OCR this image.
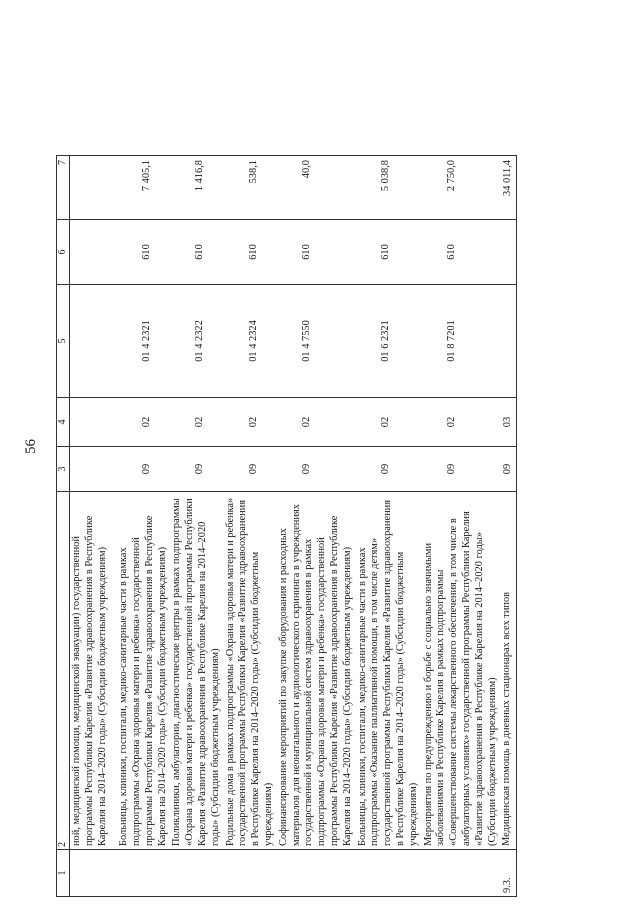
56
1	2	3	4	5	6	7
	ной, медицинской помощи, медицинской эвакуации) государственной программы Республики Карелия «Развитие здравоохранения в Республике Карелия на 2014–2020 годы» (Субсидии бюджетным учреждениям)					
	Больницы, клиники, госпитали, медико-санитарные части в рамках подпрограммы «Охрана здоровья матери и ребенка» государственной программы Республики Карелия «Развитие здравоохранения в Республике Карелия на 2014–2020 годы» (Субсидии бюджетным учреждениям)	09	02	01 4 2321	610	7 405,1
	Поликлиники, амбулатории, диагностические центры в рамках подпрограммы «Охрана здоровья матери и ребенка» государственной программы Республики Карелия «Развитие здравоохранения в Республике Карелия на 2014–2020 годы» (Субсидии бюджетным учреждениям)	09	02	01 4 2322	610	1 416,8
	Родильные дома в рамках подпрограммы «Охрана здоровья матери и ребенка» государственной программы Республики Карелия «Развитие здравоохранения в Республике Карелия на 2014–2020 годы» (Субсидии бюджетным учреждениям)	09	02	01 4 2324	610	538,1
	Софинансирование мероприятий по закупке оборудования и расходных материалов для неонатального и аудиологического скрининга в учреждениях государственной и муниципальной систем здравоохранения в рамках подпрограммы «Охрана здоровья матери и ребенка» государственной программы Республики Карелия «Развитие здравоохранения в Республике Карелия на 2014–2020 годы» (Субсидии бюджетным учреждениям)	09	02	01 4 7550	610	40,0
	Больницы, клиники, госпитали, медико-санитарные части в рамках подпрограммы «Оказание паллиативной помощи, в том числе детям» государственной программы Республики Карелия «Развитие здравоохранения в Республике Карелия на 2014–2020 годы» (Субсидии бюджетным учреждениям)	09	02	01 6 2321	610	5 038,8
	Мероприятия по предупреждению и борьбе с социально значимыми заболеваниями в Республике Карелия в рамках подпрограммы «Совершенствование системы лекарственного обеспечения, в том числе в амбулаторных условиях» государственной программы Республики Карелия «Развитие здравоохранения в Республике Карелия на 2014–2020 годы» (Субсидии бюджетным учреждениям)	09	02	01 8 7201	610	2 750,0
9.3.	Медицинская помощь в дневных стационарах всех типов	09	03			34 011,4
